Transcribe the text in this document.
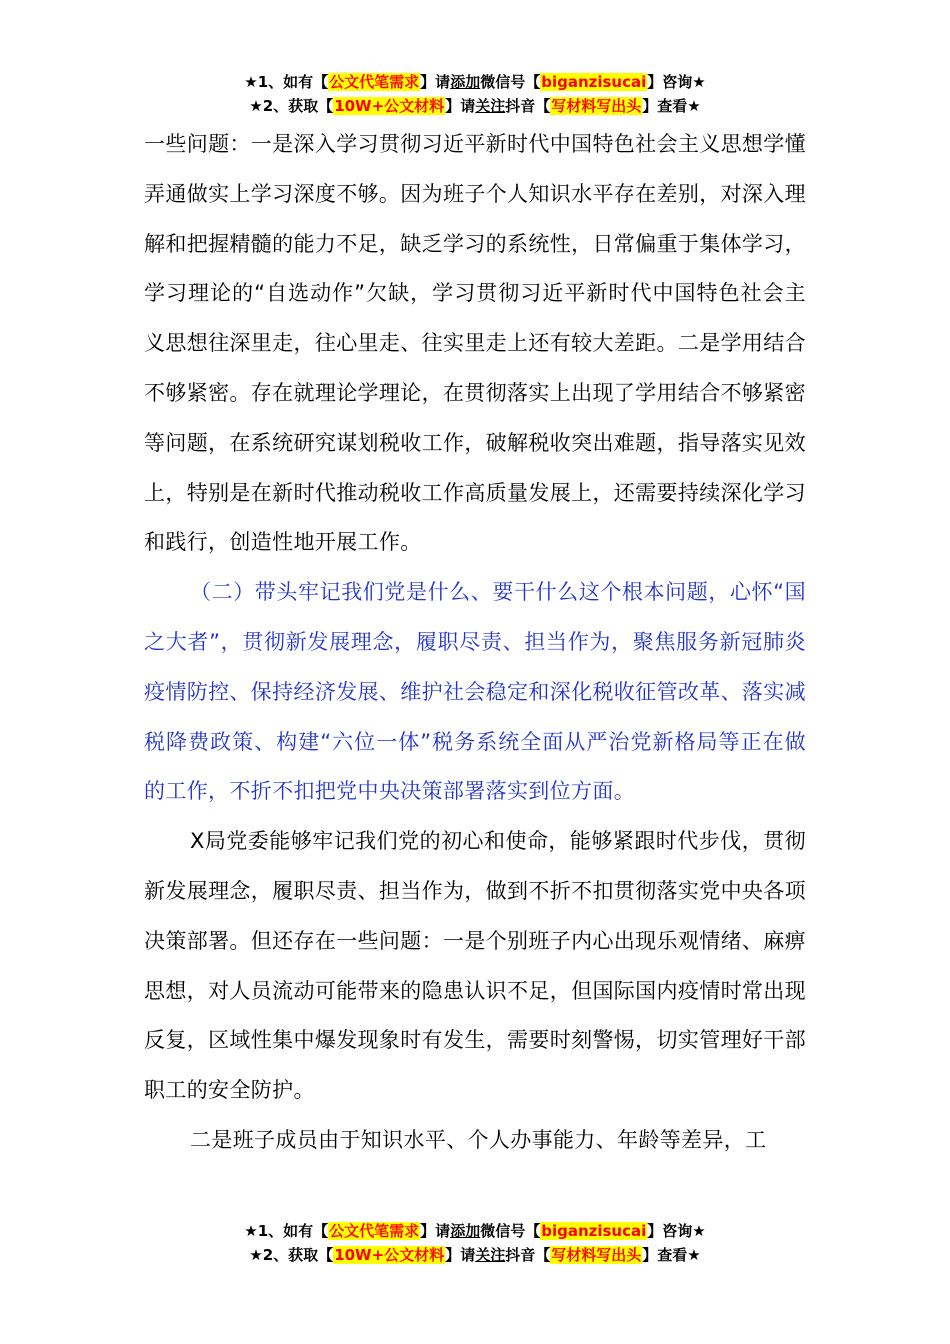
★1、如有【公文代笔需求】请添加微信号【biganzisucai】咨询★
★2、获取【10W+公文材料】请关注抖音【写材料写出头】查看★

一些问题：一是深入学习贯彻习近平新时代中国特色社会主义思想学懂弄通做实上学习深度不够。因为班子个人知识水平存在差别，对深入理解和把握精髓的能力不足，缺乏学习的系统性，日常偏重于集体学习，学习理论的“自选动作”欠缺，学习贯彻习近平新时代中国特色社会主义思想往深里走，往心里走、往实里走上还有较大差距。二是学用结合不够紧密。存在就理论学理论，在贯彻落实上出现了学用结合不够紧密等问题，在系统研究谋划税收工作，破解税收突出难题，指导落实见效上，特别是在新时代推动税收工作高质量发展上，还需要持续深化学习和践行，创造性地开展工作。

（二）带头牢记我们党是什么、要干什么这个根本问题，心怀“国之大者”，贯彻新发展理念，履职尽责、担当作为，聚焦服务新冠肺炎疫情防控、保持经济发展、维护社会稳定和深化税收征管改革、落实减税降费政策、构建“六位一体”税务系统全面从严治党新格局等正在做的工作，不折不扣把党中央决策部署落实到位方面。

X局党委能够牢记我们党的初心和使命，能够紧跟时代步伐，贯彻新发展理念，履职尽责、担当作为，做到不折不扣贯彻落实党中央各项决策部署。但还存在一些问题：一是个别班子内心出现乐观情绪、麻痹思想，对人员流动可能带来的隐患认识不足，但国际国内疫情时常出现反复，区域性集中爆发现象时有发生，需要时刻警惕，切实管理好干部职工的安全防护。

二是班子成员由于知识水平、个人办事能力、年龄等差异，工

★1、如有【公文代笔需求】请添加微信号【biganzisucai】咨询★
★2、获取【10W+公文材料】请关注抖音【写材料写出头】查看★
